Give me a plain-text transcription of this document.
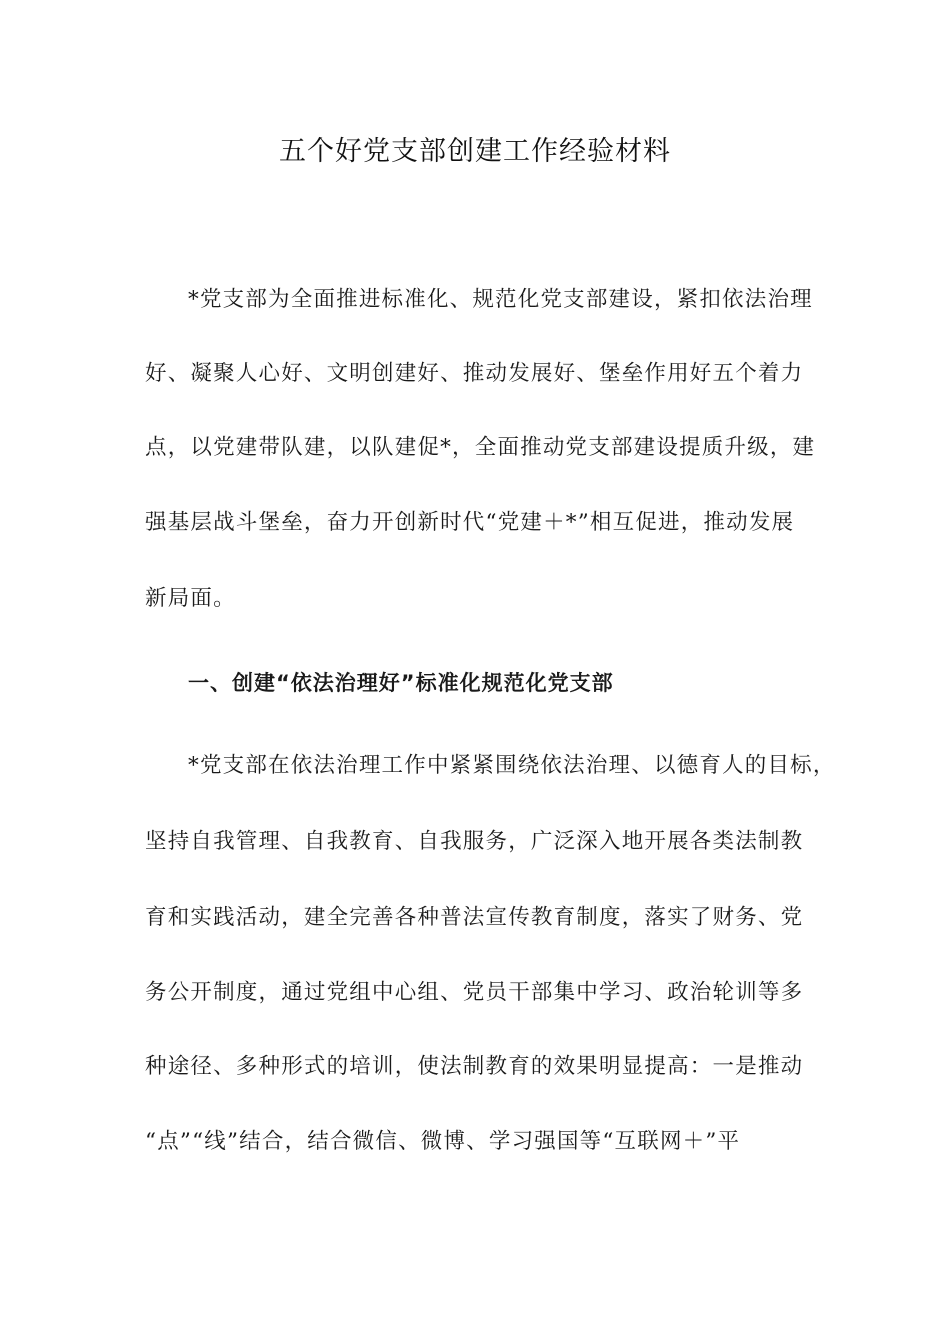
五个好党支部创建工作经验材料
*党支部为全面推进标准化、规范化党支部建设，紧扣依法治理
好、凝聚人心好、文明创建好、推动发展好、堡垒作用好五个着力
点，以党建带队建，以队建促*，全面推动党支部建设提质升级，建
强基层战斗堡垒，奋力开创新时代“党建＋*”相互促进，推动发展
新局面。
一、创建“依法治理好”标准化规范化党支部
*党支部在依法治理工作中紧紧围绕依法治理、以德育人的目标，
坚持自我管理、自我教育、自我服务，广泛深入地开展各类法制教
育和实践活动，建全完善各种普法宣传教育制度，落实了财务、党
务公开制度，通过党组中心组、党员干部集中学习、政治轮训等多
种途径、多种形式的培训，使法制教育的效果明显提高：一是推动
“点”“线”结合，结合微信、微博、学习强国等“互联网＋”平
